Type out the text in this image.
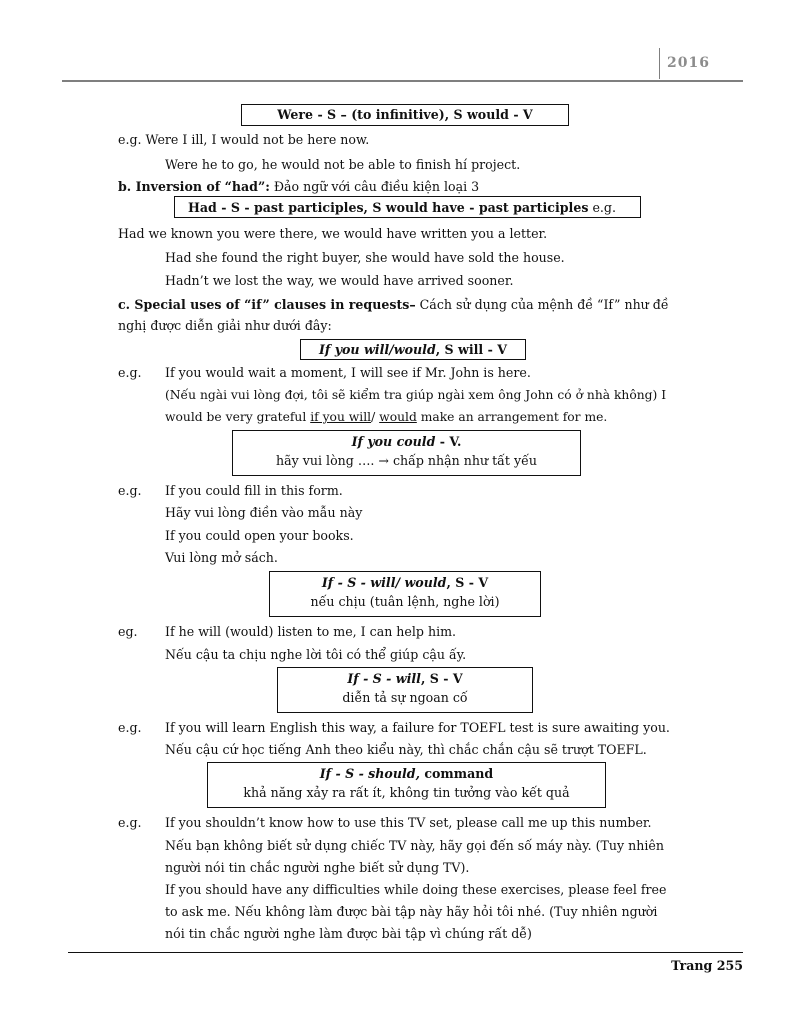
2016
Were - S – (to infinitive), S would - V
e.g. Were I ill, I would not be here now.
Were he to go, he would not be able to finish hí project.
b. Inversion of “had”: Đảo ngữ với câu điều kiện loại 3
Had - S - past participles, S would have - past participles e.g.
Had we known you were there, we would have written you a letter.
Had she found the right buyer, she would have sold the house.
Hadn’t we lost the way, we would have arrived sooner.
c. Special uses of “if” clauses in requests– Cách sử dụng của mệnh đề “If” như đề
nghị được diễn giải như dưới đây:
If you will/would, S will - V
e.g. If you would wait a moment, I will see if Mr. John is here.
(Nếu ngài vui lòng đợi, tôi sẽ kiểm tra giúp ngài xem ông John có ở nhà không) I
would be very grateful if you will/ would make an arrangement for me.
If you could - V.
hãy vui lòng …. → chấp nhận như tất yếu
e.g. If you could fill in this form.
Hãy vui lòng điền vào mẫu này
If you could open your books.
Vui lòng mở sách.
If - S - will/ would, S - V
nếu chịu (tuân lệnh, nghe lời)
eg. If he will (would) listen to me, I can help him.
Nếu cậu ta chịu nghe lời tôi có thể giúp cậu ấy.
If - S - will, S - V
diễn tả sự ngoan cố
e.g. If you will learn English this way, a failure for TOEFL test is sure awaiting you.
Nếu cậu cứ học tiếng Anh theo kiểu này, thì chắc chắn cậu sẽ trượt TOEFL.
If - S - should, command
khả năng xảy ra rất ít, không tin tưởng vào kết quả
e.g. If you shouldn’t know how to use this TV set, please call me up this number.
Nếu bạn không biết sử dụng chiếc TV này, hãy gọi đến số máy này. (Tuy nhiên
người nói tin chắc người nghe biết sử dụng TV).
If you should have any difficulties while doing these exercises, please feel free
to ask me. Nếu không làm được bài tập này hãy hỏi tôi nhé. (Tuy nhiên người
nói tin chắc người nghe làm được bài tập vì chúng rất dễ)
Trang 255
